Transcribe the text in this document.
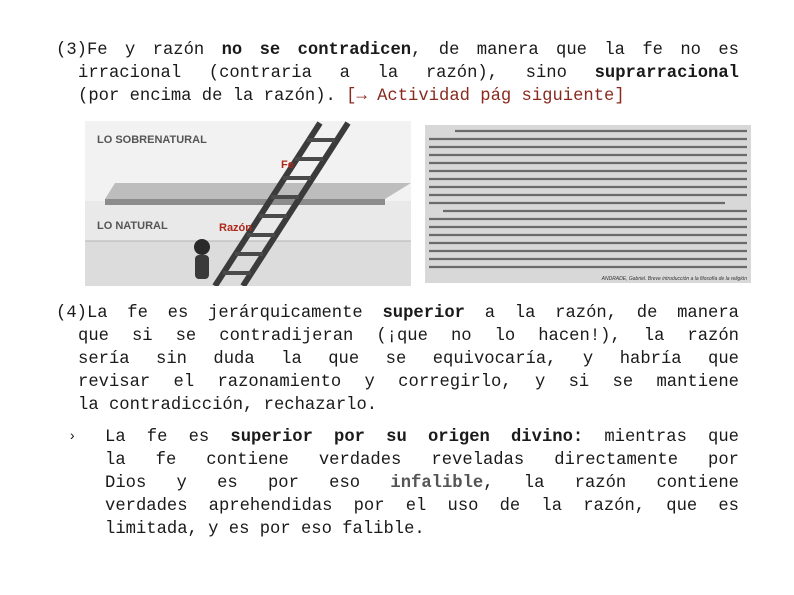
(3)Fe y razón no se contradicen, de manera que la fe no es
irracional (contraria a la razón), sino suprarracional
(por encima de la razón). [→ Actividad pág siguiente]
LO SOBRENATURAL
LO NATURAL
Fe
Razón
ANDRADE, Gabriel. Breve introducción a la filosofía de la religión
(4)La fe es jerárquicamente superior a la razón, de manera
que si se contradijeran (¡que no lo hacen!), la razón
sería sin duda la que se equivocaría, y habría que
revisar el razonamiento y corregirlo, y si se mantiene
la contradicción, rechazarlo.
› La fe es superior por su origen divino: mientras que
la fe contiene verdades reveladas directamente por
Dios y es por eso infalible, la razón contiene
verdades aprehendidas por el uso de la razón, que es
limitada, y es por eso falible.
